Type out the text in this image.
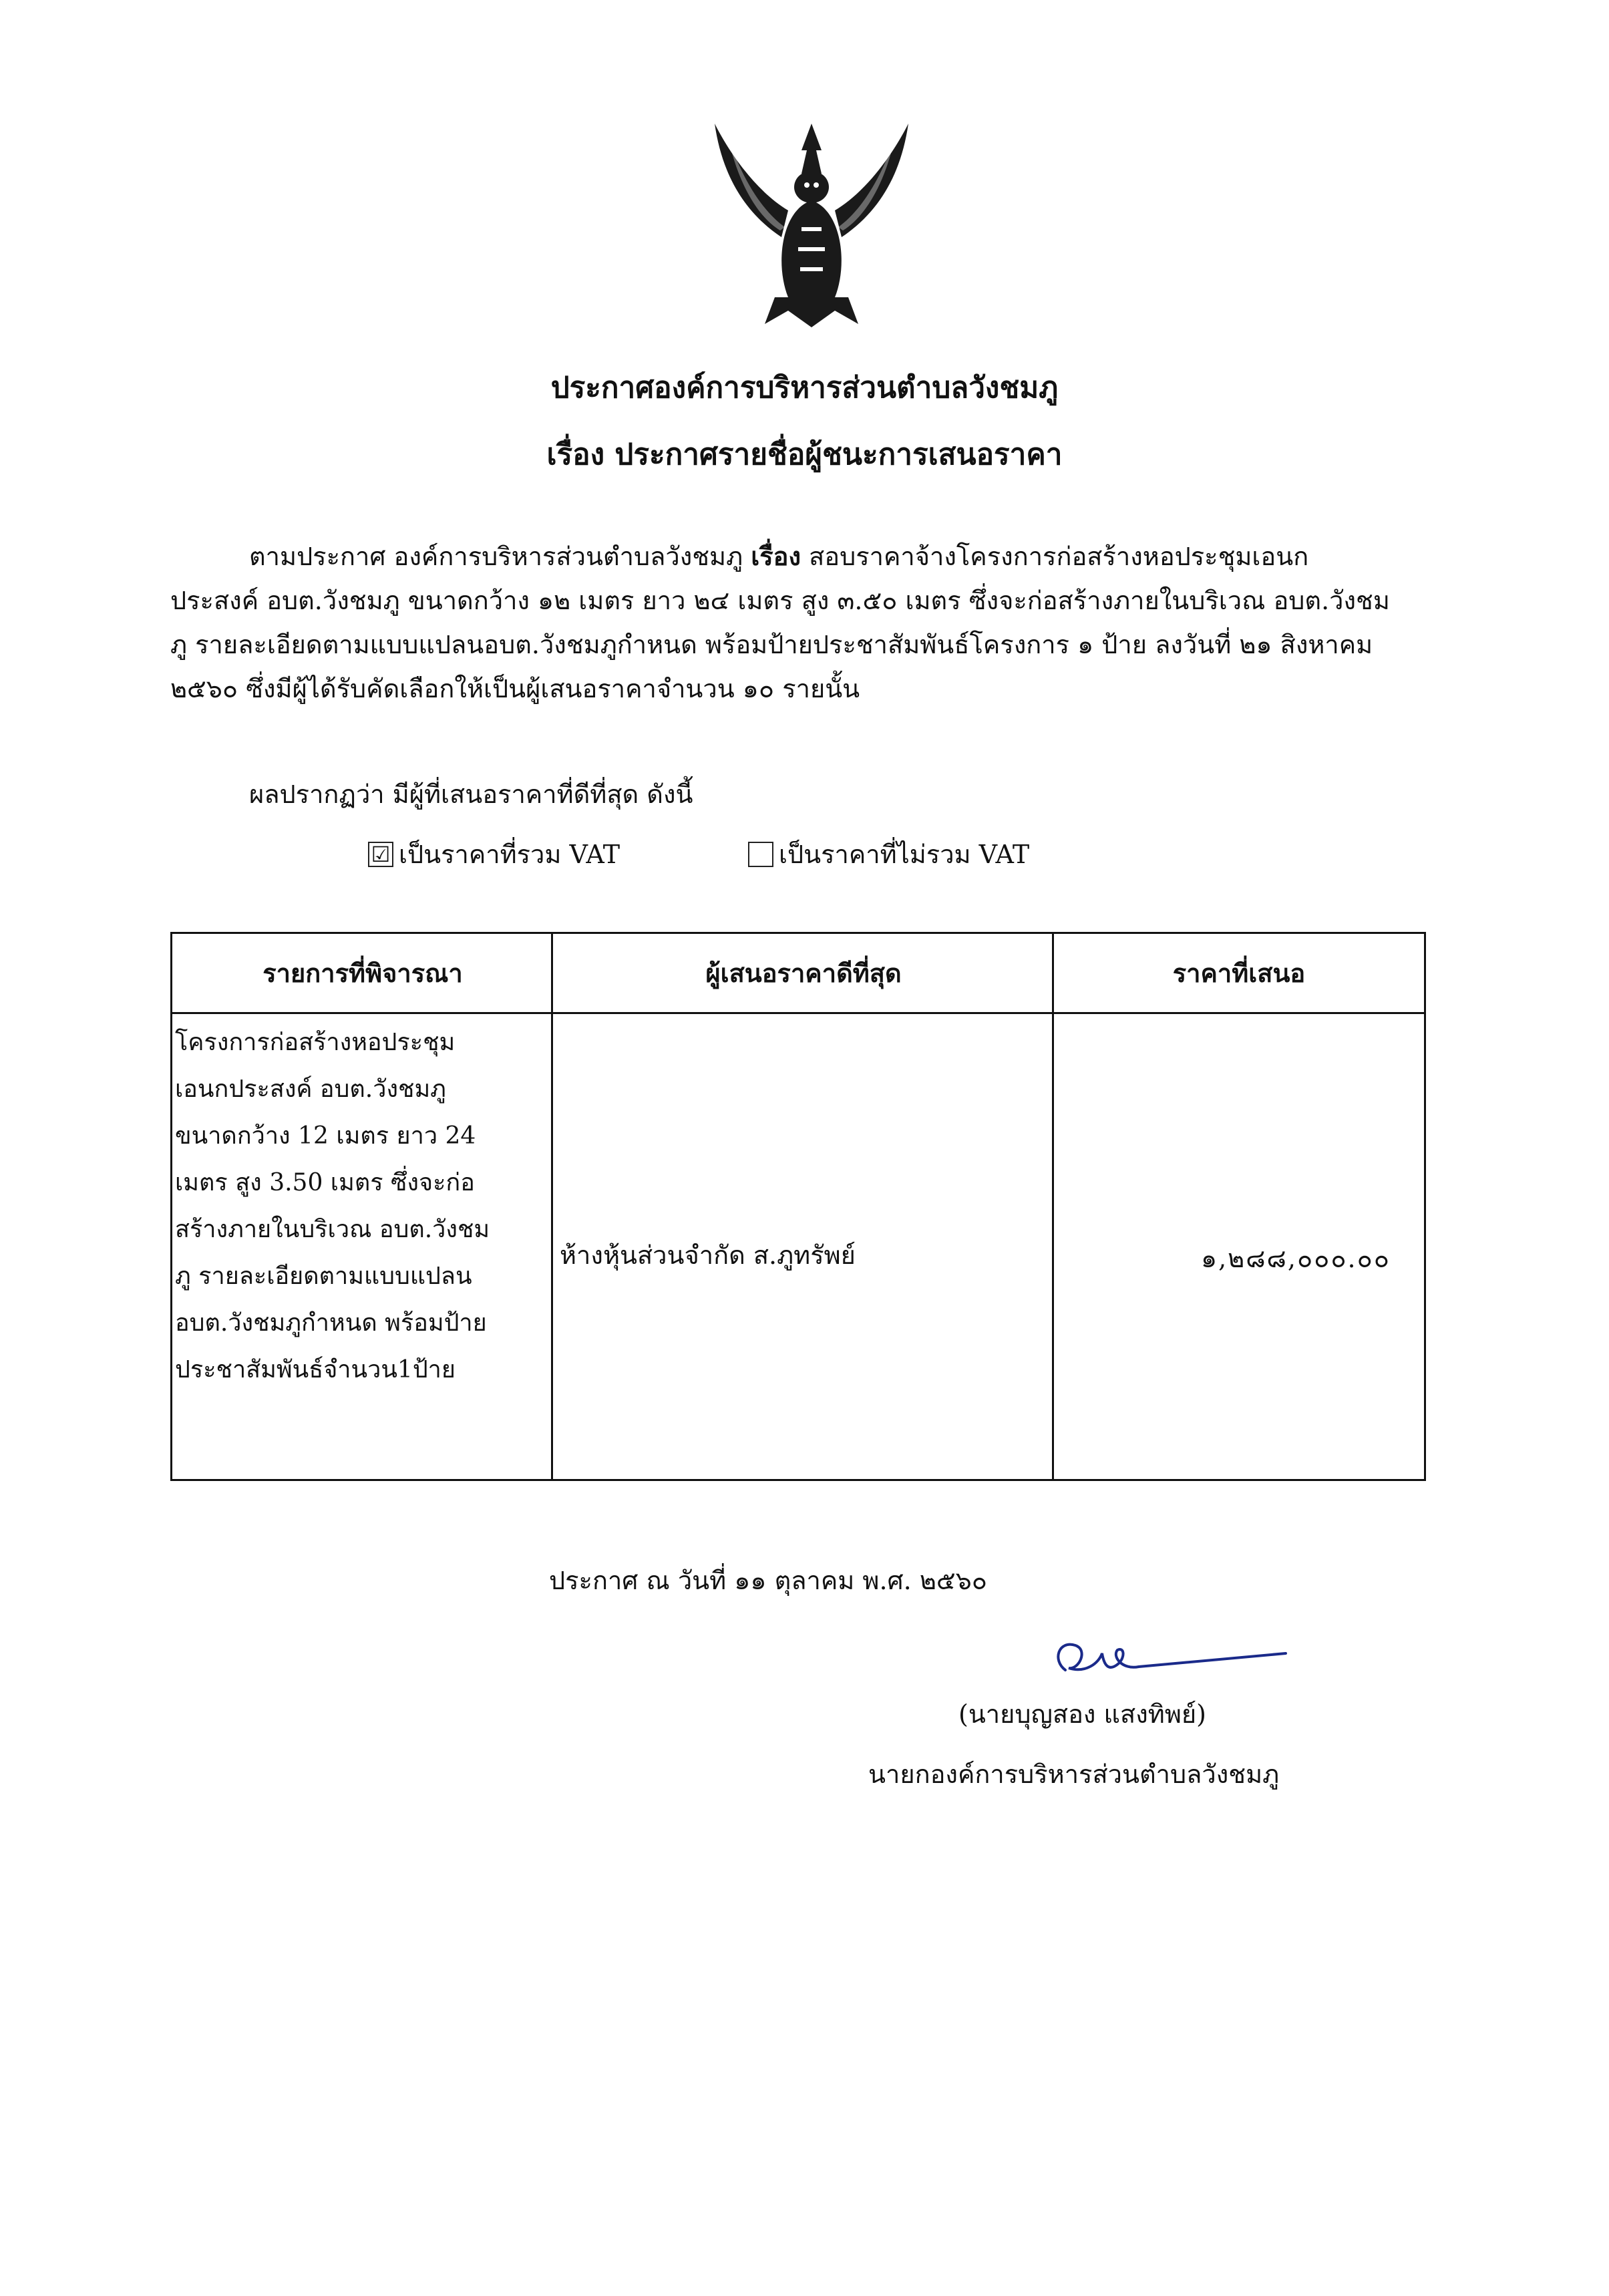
ประกาศองค์การบริหารส่วนตำบลวังชมภู
เรื่อง ประกาศรายชื่อผู้ชนะการเสนอราคา
ตามประกาศ องค์การบริหารส่วนตำบลวังชมภู เรื่อง สอบราคาจ้างโครงการก่อสร้างหอประชุมเอนก
ประสงค์ อบต.วังชมภู ขนาดกว้าง ๑๒ เมตร ยาว ๒๔ เมตร สูง ๓.๕๐ เมตร ซึ่งจะก่อสร้างภายในบริเวณ อบต.วังชม
ภู รายละเอียดตามแบบแปลนอบต.วังชมภูกำหนด พร้อมป้ายประชาสัมพันธ์โครงการ ๑ ป้าย ลงวันที่ ๒๑ สิงหาคม
๒๕๖๐ ซึ่งมีผู้ได้รับคัดเลือกให้เป็นผู้เสนอราคาจำนวน ๑๐ รายนั้น
ผลปรากฏว่า มีผู้ที่เสนอราคาที่ดีที่สุด ดังนี้
☑ เป็นราคาที่รวม VAT	เป็นราคาที่ไม่รวม VAT
รายการที่พิจารณา	ผู้เสนอราคาดีที่สุด	ราคาที่เสนอ
โครงการก่อสร้างหอประชุม
เอนกประสงค์ อบต.วังชมภู
ขนาดกว้าง 12 เมตร ยาว 24
เมตร สูง 3.50 เมตร ซึ่งจะก่อ
สร้างภายในบริเวณ อบต.วังชม
ภู รายละเอียดตามแบบแปลน
อบต.วังชมภูกำหนด พร้อมป้าย
ประชาสัมพันธ์จำนวน1ป้าย
ห้างหุ้นส่วนจำกัด ส.ภูทรัพย์	๑,๒๘๘,๐๐๐.๐๐
ประกาศ ณ วันที่ ๑๑ ตุลาคม พ.ศ. ๒๕๖๐
(นายบุญสอง แสงทิพย์)
นายกองค์การบริหารส่วนตำบลวังชมภู
